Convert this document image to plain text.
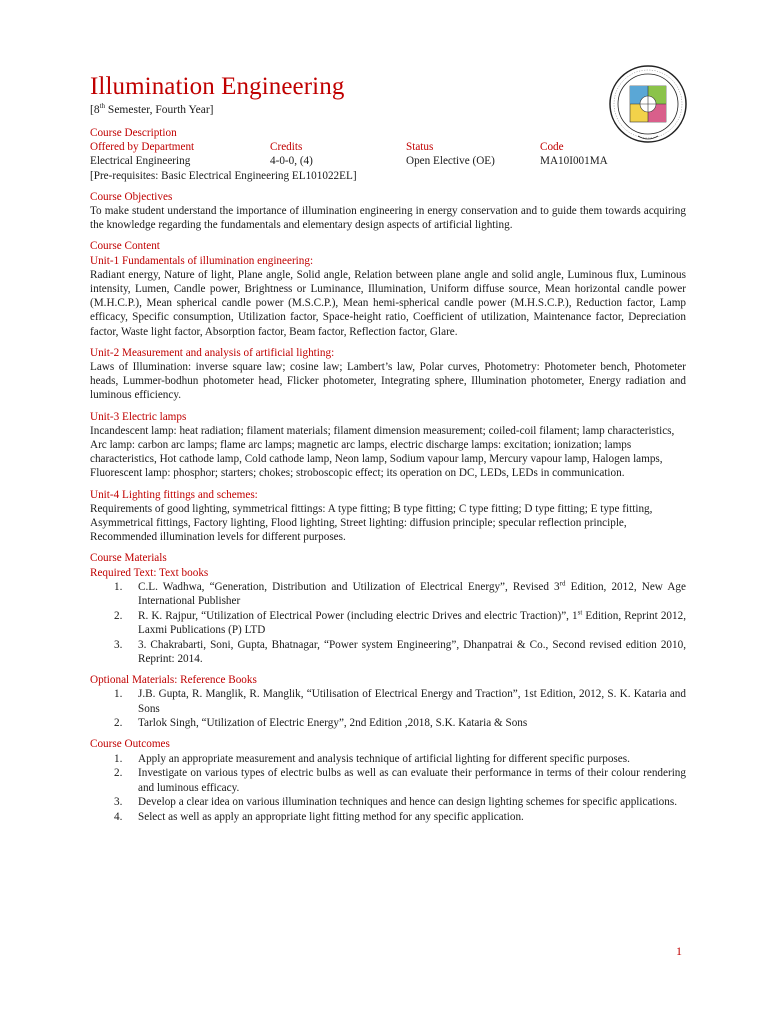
Illumination Engineering
[8th Semester, Fourth Year]
Course Description
Offered by Department	Credits	Status	Code
Electrical Engineering	4-0-0, (4)	Open Elective (OE)	MA10I001MA
[Pre-requisites: Basic Electrical Engineering EL101022EL]
Course Objectives

To make student understand the importance of illumination engineering in energy conservation and to guide them towards acquiring the knowledge regarding the fundamentals and elementary design aspects of artificial lighting.

Course Content
Unit-1 Fundamentals of illumination engineering:

Radiant energy, Nature of light, Plane angle, Solid angle, Relation between plane angle and solid angle, Luminous flux, Luminous intensity, Lumen, Candle power, Brightness or Luminance, Illumination, Uniform diffuse source, Mean horizontal candle power (M.H.C.P.), Mean spherical candle power (M.S.C.P.), Mean hemi-spherical candle power (M.H.S.C.P.), Reduction factor, Lamp efficacy, Specific consumption, Utilization factor, Space-height ratio, Coefficient of utilization, Maintenance factor, Depreciation factor, Waste light factor, Absorption factor, Beam factor, Reflection factor, Glare.

Unit-2 Measurement and analysis of artificial lighting:

Laws of Illumination: inverse square law; cosine law; Lambert’s law, Polar curves, Photometry: Photometer bench, Photometer heads, Lummer-bodhun photometer head, Flicker photometer, Integrating sphere, Illumination photometer, Energy radiation and luminous efficiency.

Unit-3 Electric lamps

Incandescent lamp: heat radiation; filament materials; filament dimension measurement; coiled-coil filament; lamp characteristics, Arc lamp: carbon arc lamps; flame arc lamps; magnetic arc lamps, electric discharge lamps: excitation; ionization; lamps characteristics, Hot cathode lamp, Cold cathode lamp, Neon lamp, Sodium vapour lamp, Mercury vapour lamp, Halogen lamps, Fluorescent lamp: phosphor; starters; chokes; stroboscopic effect; its operation on DC, LEDs, LEDs in communication.

Unit-4 Lighting fittings and schemes:

Requirements of good lighting, symmetrical fittings: A type fitting; B type fitting; C type fitting; D type fitting; E type fitting, Asymmetrical fittings, Factory lighting, Flood lighting, Street lighting: diffusion principle; specular reflection principle, Recommended illumination levels for different purposes.

Course Materials
Required Text: Text books
1. C.L. Wadhwa, “Generation, Distribution and Utilization of Electrical Energy”, Revised 3rd Edition, 2012, New Age International Publisher
2. R. K. Rajpur, “Utilization of Electrical Power (including electric Drives and electric Traction)”, 1st Edition, Reprint 2012, Laxmi Publications (P) LTD
3. 3. Chakrabarti, Soni, Gupta, Bhatnagar, “Power system Engineering”, Dhanpatrai & Co., Second revised edition 2010, Reprint: 2014.
Optional Materials: Reference Books
1. J.B. Gupta, R. Manglik, R. Manglik, “Utilisation of Electrical Energy and Traction”, 1st Edition, 2012, S. K. Kataria and Sons
2. Tarlok Singh, “Utilization of Electric Energy”, 2nd Edition ,2018, S.K. Kataria & Sons
Course Outcomes
1. Apply an appropriate measurement and analysis technique of artificial lighting for different specific purposes.
2. Investigate on various types of electric bulbs as well as can evaluate their performance in terms of their colour rendering and luminous efficacy.
3. Develop a clear idea on various illumination techniques and hence can design lighting schemes for specific applications.
4. Select as well as apply an appropriate light fitting method for any specific application.
1
